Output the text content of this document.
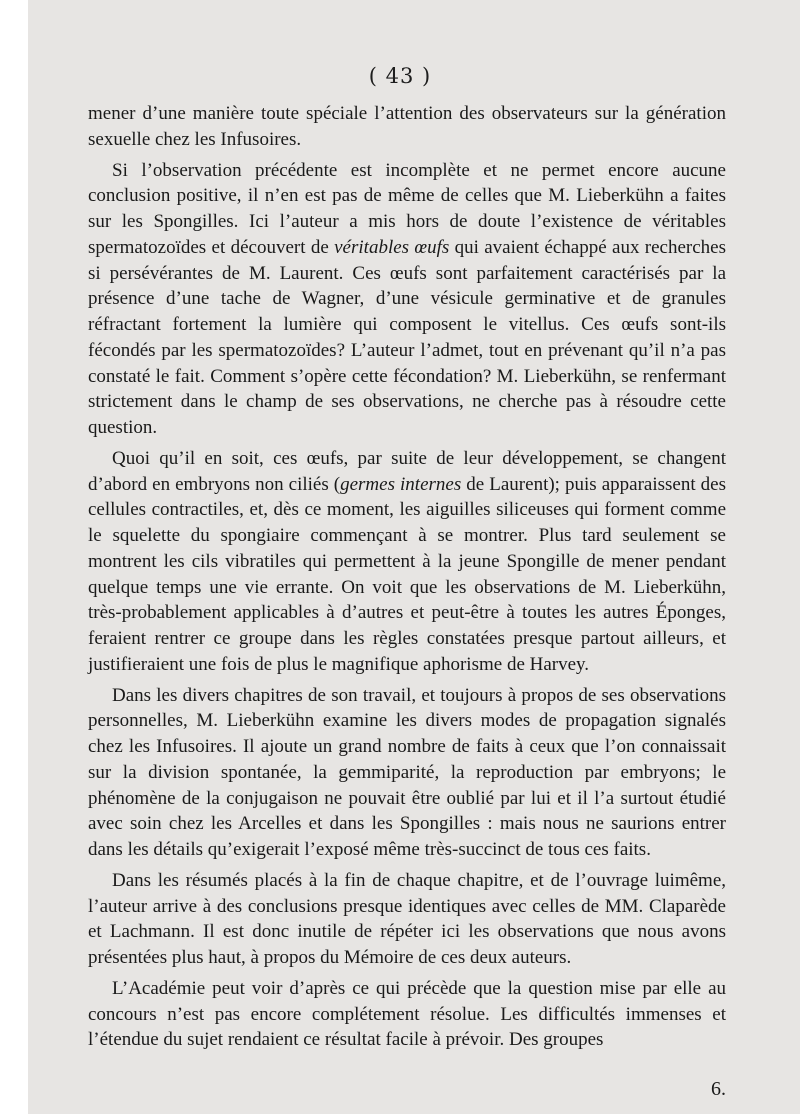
( 43 )

mener d’une manière toute spéciale l’attention des observateurs sur la génération sexuelle chez les Infusoires.

Si l’observation précédente est incomplète et ne permet encore aucune conclusion positive, il n’en est pas de même de celles que M. Lieberkühn a faites sur les Spongilles. Ici l’auteur a mis hors de doute l’existence de véritables spermatozoïdes et découvert de véritables œufs qui avaient échappé aux recherches si persévérantes de M. Laurent. Ces œufs sont parfaitement caractérisés par la présence d’une tache de Wagner, d’une vésicule germinative et de granules réfractant fortement la lumière qui composent le vitellus. Ces œufs sont-ils fécondés par les spermatozoïdes? L’auteur l’admet, tout en prévenant qu’il n’a pas constaté le fait. Comment s’opère cette fécondation? M. Lieberkühn, se renfermant strictement dans le champ de ses observations, ne cherche pas à résoudre cette question.

Quoi qu’il en soit, ces œufs, par suite de leur développement, se changent d’abord en embryons non ciliés (germes internes de Laurent); puis apparaissent des cellules contractiles, et, dès ce moment, les aiguilles siliceuses qui forment comme le squelette du spongiaire commençant à se montrer. Plus tard seulement se montrent les cils vibratiles qui permettent à la jeune Spongille de mener pendant quelque temps une vie errante. On voit que les observations de M. Lieberkühn, très-probablement applicables à d’autres et peut-être à toutes les autres Éponges, feraient rentrer ce groupe dans les règles constatées presque partout ailleurs, et justifieraient une fois de plus le magnifique aphorisme de Harvey.

Dans les divers chapitres de son travail, et toujours à propos de ses observations personnelles, M. Lieberkühn examine les divers modes de propagation signalés chez les Infusoires. Il ajoute un grand nombre de faits à ceux que l’on connaissait sur la division spontanée, la gemmiparité, la reproduction par embryons; le phénomène de la conjugaison ne pouvait être oublié par lui et il l’a surtout étudié avec soin chez les Arcelles et dans les Spongilles : mais nous ne saurions entrer dans les détails qu’exigerait l’exposé même très-succinct de tous ces faits.

Dans les résumés placés à la fin de chaque chapitre, et de l’ouvrage luimême, l’auteur arrive à des conclusions presque identiques avec celles de MM. Claparède et Lachmann. Il est donc inutile de répéter ici les observations que nous avons présentées plus haut, à propos du Mémoire de ces deux auteurs.

L’Académie peut voir d’après ce qui précède que la question mise par elle au concours n’est pas encore complétement résolue. Les difficultés immenses et l’étendue du sujet rendaient ce résultat facile à prévoir. Des groupes

6.
